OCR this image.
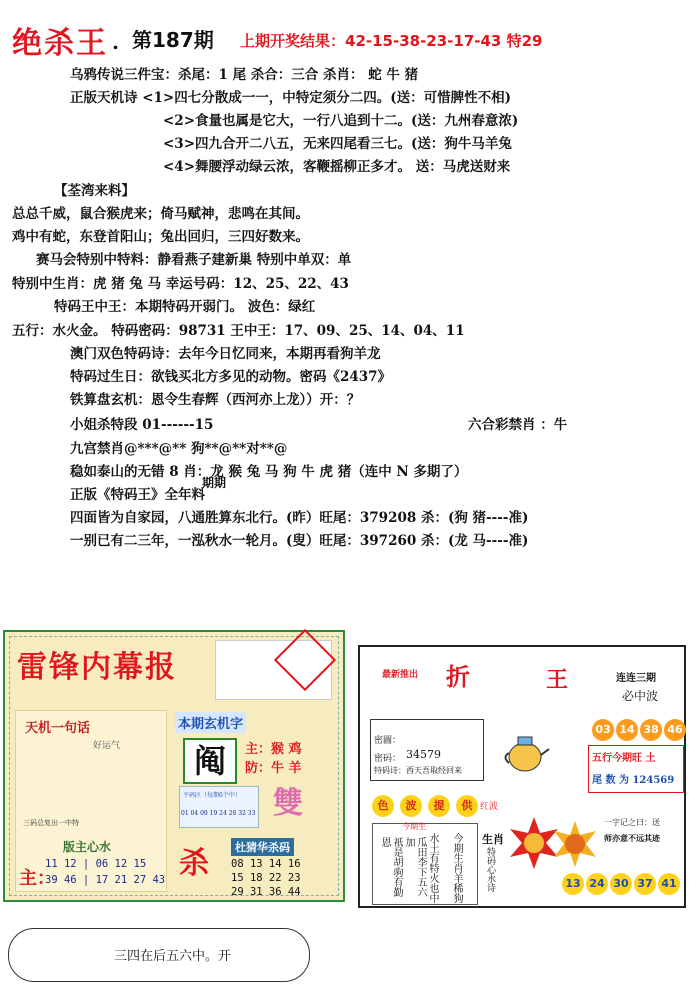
绝杀王 . 第187期 上期开奖结果：42-15-38-23-17-43 特29
乌鸦传说三件宝：杀尾：1 尾 杀合：三合 杀肖： 蛇 牛 猪
正版天机诗 <1>四七分散成一一，中特定须分二四。(送：可惜脾性不相)
<2>食量也属是它大，一行八追到十二。(送：九州春意浓)
<3>四九合开二八五，无来四尾看三七。(送：狗牛马羊兔
<4>舞腰浮动绿云浓，客鞭摇柳正多才。 送：马虎送财来
【荃湾来料】
总总千威，鼠合猴虎来；倚马赋神，悲鸣在其间。
鸡中有蛇，东登首阳山；兔出回归，三四好数来。
赛马会特别中特料：静看燕子建新巢 特别中单双：单
特别中生肖：虎 猪 兔 马 幸运号码：12、25、22、43
特码王中王：本期特码开弱门。 波色：绿红
五行：水火金。 特码密码：98731 王中王：17、09、25、14、04、11
澳门双色特码诗：去年今日忆同来，本期再看狗羊龙
特码过生日：欲钱买北方多见的动物。密码《2437》
铁算盘玄机：恩令生春辉（西河亦上龙））开：？
小姐杀特段 01------15	六合彩禁肖 ：牛
九宫禁肖@***@** 狗**@**对**@
稳如泰山的无错 8 肖：龙 猴 兔 马 狗 牛 虎 猪（连中 N 多期了）
期期
正版《特码王》全年料
四面皆为自家园，八通胜算东北行。(昨）旺尾：379208 杀：(狗 猪----准)
一别已有二三年，一泓秋水一轮月。(叟）旺尾：397260 杀：(龙 马----准)
雷锋内幕报
天机一句话
好运气
三码总复出一中特
版主心水
主：
11 12 | 06 12 15
39 46 | 17 21 27 43
本期玄机字
阄	主：猴 鸡
防：牛 羊
雙
平码区（每期6个中）
01 04 09 19 24 28 32 33
杀	杜猜华杀码
08 13 14 16
15 18 22 23
29 31 36 44
最新推出 折	王	连连三期
必中波
03 14 38 46
密圖：
密码： 34579
特码诗：西天吾取经回来
五行今期旺 土
尾 数 为 124569
色	波	提	供 红波
今期生
祇是胡驹有勤恩	瓜田李下五六加	水土有特火也中 今期生肖羊稀狗 生肖
特码心水诗
一字记之曰：送
师亦意不远其迹
13 24 30 37 41
三四在后五六中。开
